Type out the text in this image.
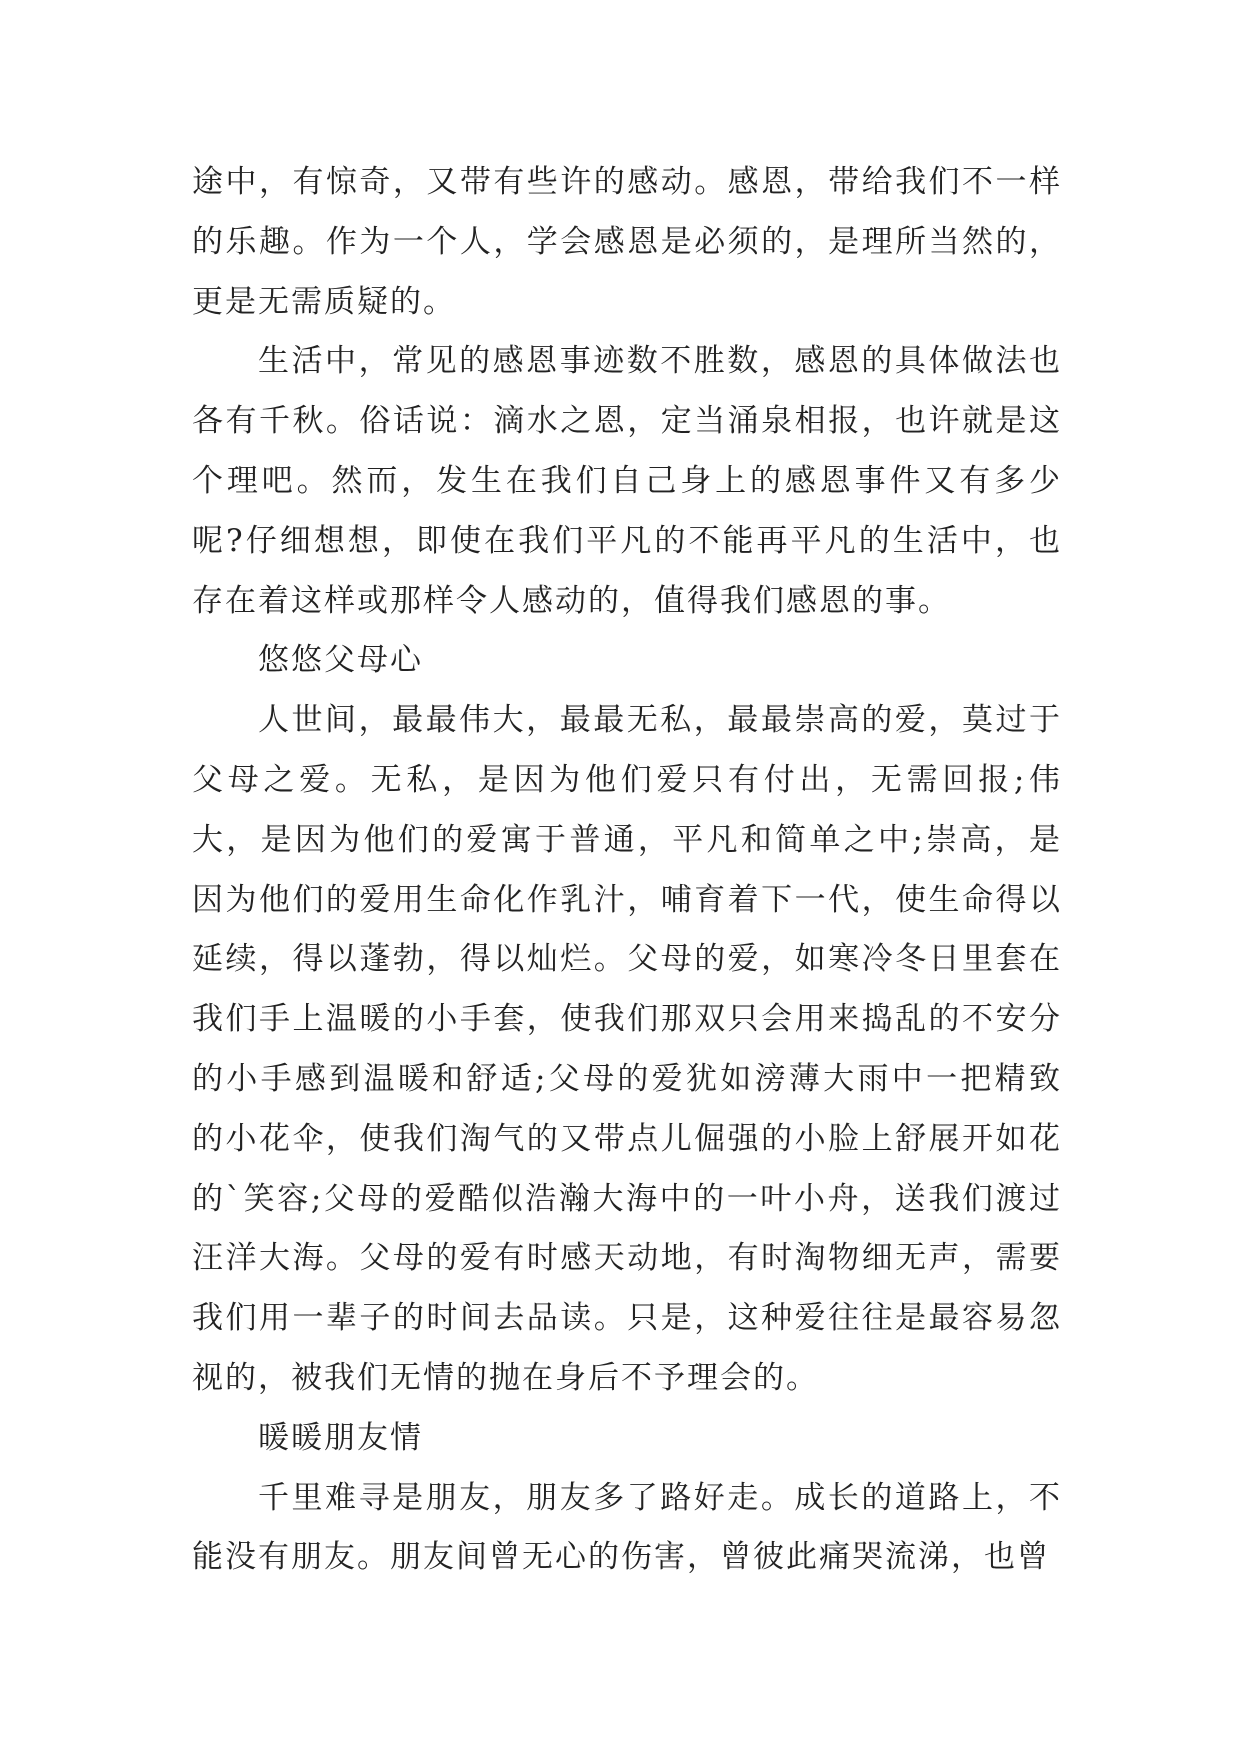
途中，有惊奇，又带有些许的感动。感恩，带给我们不一样的乐趣。作为一个人，学会感恩是必须的，是理所当然的，更是无需质疑的。

生活中，常见的感恩事迹数不胜数，感恩的具体做法也各有千秋。俗话说：滴水之恩，定当涌泉相报，也许就是这个理吧。然而，发生在我们自己身上的感恩事件又有多少呢?仔细想想，即使在我们平凡的不能再平凡的生活中，也存在着这样或那样令人感动的，值得我们感恩的事。

悠悠父母心

人世间，最最伟大，最最无私，最最崇高的爱，莫过于父母之爱。无私，是因为他们爱只有付出，无需回报;伟大，是因为他们的爱寓于普通，平凡和简单之中;崇高，是因为他们的爱用生命化作乳汁，哺育着下一代，使生命得以延续，得以蓬勃，得以灿烂。父母的爱，如寒冷冬日里套在我们手上温暖的小手套，使我们那双只会用来捣乱的不安分的小手感到温暖和舒适;父母的爱犹如滂薄大雨中一把精致的小花伞，使我们淘气的又带点儿倔强的小脸上舒展开如花的`笑容;父母的爱酷似浩瀚大海中的一叶小舟，送我们渡过汪洋大海。父母的爱有时感天动地，有时淘物细无声，需要我们用一辈子的时间去品读。只是，这种爱往往是最容易忽视的，被我们无情的抛在身后不予理会的。

暖暖朋友情

千里难寻是朋友，朋友多了路好走。成长的道路上，不能没有朋友。朋友间曾无心的伤害，曾彼此痛哭流涕，也曾
